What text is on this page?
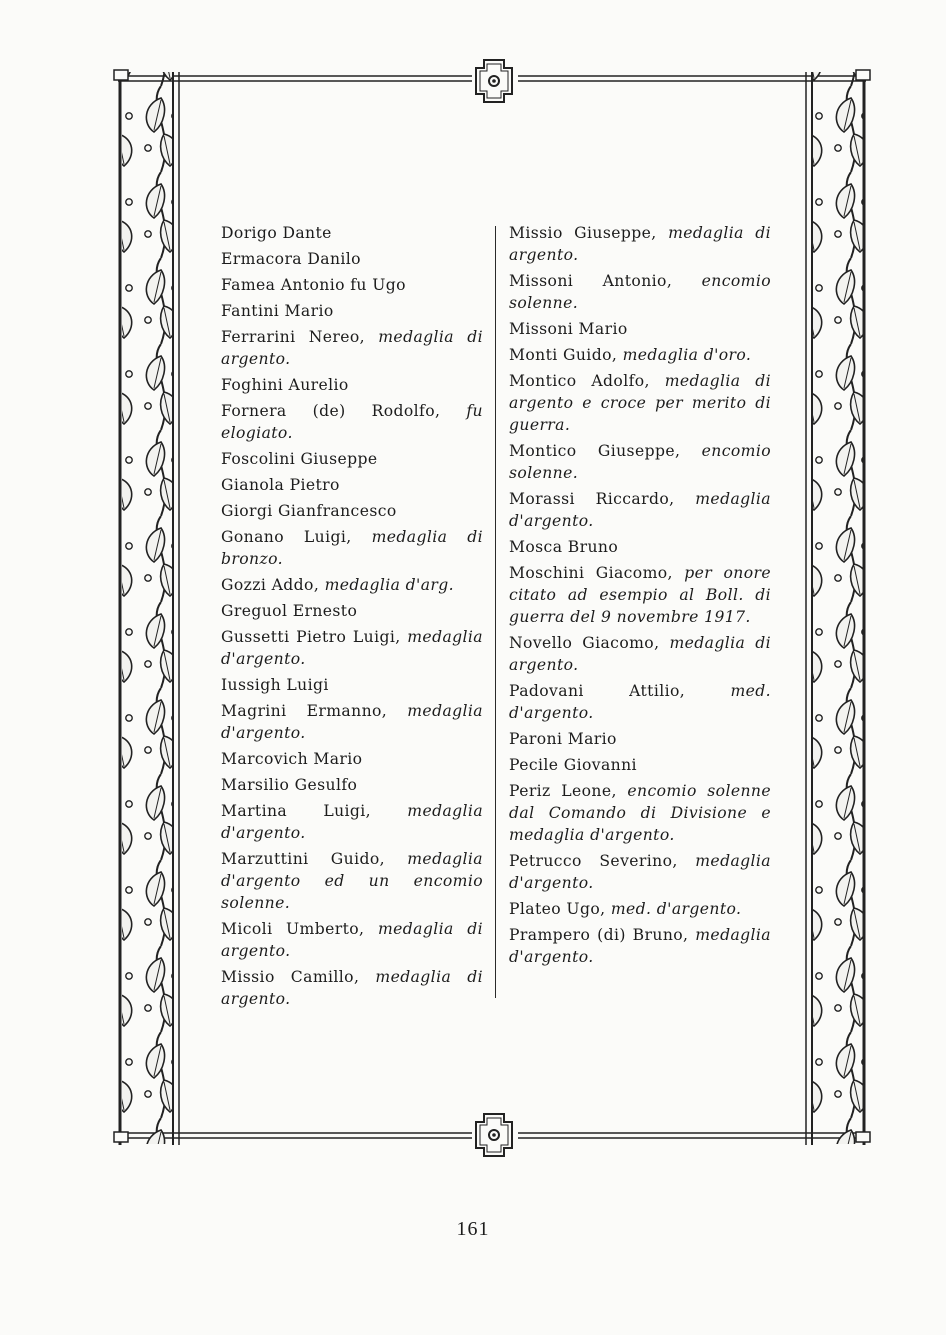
Dorigo Dante
Ermacora Danilo
Famea Antonio fu Ugo
Fantini Mario
Ferrarini Nereo, medaglia di argento.
Foghini Aurelio
Fornera (de) Rodolfo, fu elogiato.
Foscolini Giuseppe
Gianola Pietro
Giorgi Gianfrancesco
Gonano Luigi, medaglia di bronzo.
Gozzi Addo, medaglia d'arg.
Greguol Ernesto
Gussetti Pietro Luigi, medaglia d'argento.
Iussigh Luigi
Magrini Ermanno, medaglia d'argento.
Marcovich Mario
Marsilio Gesulfo
Martina Luigi, medaglia d'argento.
Marzuttini Guido, medaglia d'argento ed un encomio solenne.
Micoli Umberto, medaglia di argento.
Missio Camillo, medaglia di argento.
Missio Giuseppe, medaglia di argento.
Missoni Antonio, encomio solenne.
Missoni Mario
Monti Guido, medaglia d'oro.
Montico Adolfo, medaglia di argento e croce per merito di guerra.
Montico Giuseppe, encomio solenne.
Morassi Riccardo, medaglia d'argento.
Mosca Bruno
Moschini Giacomo, per onore citato ad esempio al Boll. di guerra del 9 novembre 1917.
Novello Giacomo, medaglia di argento.
Padovani Attilio,	med. d'argento.
Paroni Mario
Pecile Giovanni
Periz Leone, encomio solenne dal Comando di Divisione e medaglia d'argento.
Petrucco Severino, medaglia d'argento.
Plateo Ugo, med. d'argento.
Prampero (di) Bruno, medaglia d'argento.
161
